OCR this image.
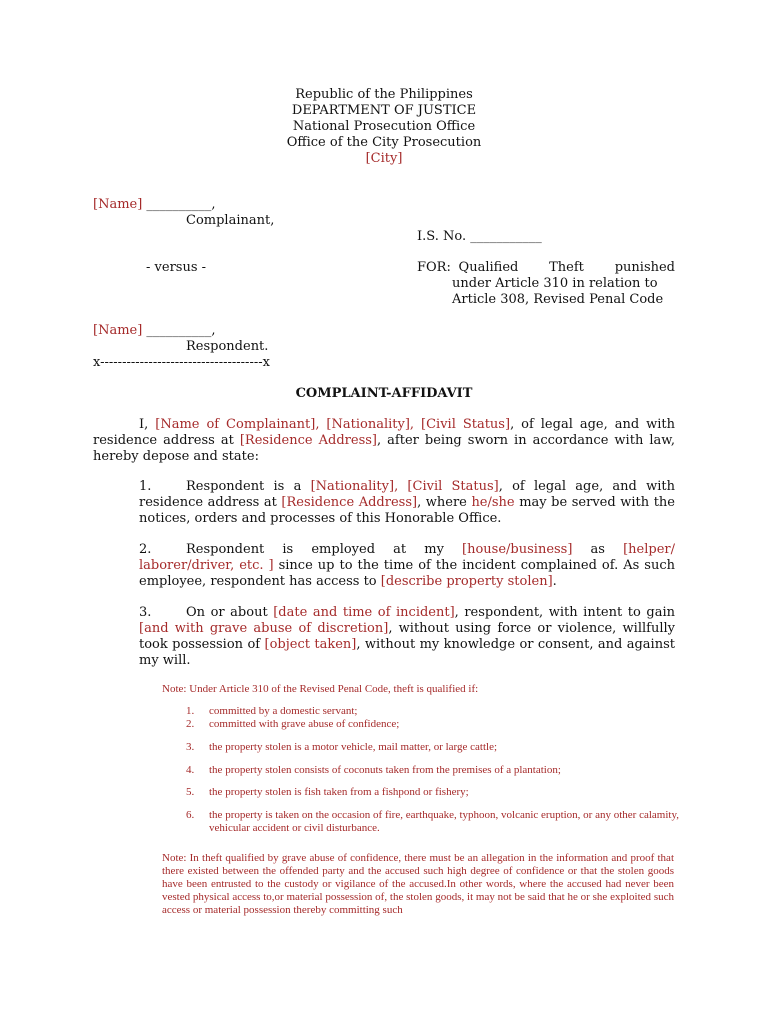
Republic of the Philippines
DEPARTMENT OF JUSTICE
National Prosecution Office
Office of the City Prosecution
[City]
[Name] __________,
Complainant,
I.S. No. ___________
- versus -	FOR: Qualified    Theft    punished
under Article 310 in relation to
Article 308, Revised Penal Code
[Name] __________,
Respondent.
x-------------------------------------x
COMPLAINT-AFFIDAVIT
I, [Name of Complainant], [Nationality], [Civil Status], of legal age, and with residence address at [Residence Address], after being sworn in accordance with law, hereby depose and state:
1.	Respondent is a [Nationality], [Civil Status], of legal age, and with residence address at [Residence Address], where he/she may be served with the notices, orders and processes of this Honorable Office.
2.	Respondent is employed at my [house/business] as [helper/ laborer/driver, etc. ] since up to the time of the incident complained of. As such employee, respondent has access to [describe property stolen].
3.	On or about [date and time of incident], respondent, with intent to gain [and with grave abuse of discretion], without using force or violence, willfully took possession of [object taken], without my knowledge or consent, and against my will.
Note: Under Article 310 of the Revised Penal Code, theft is qualified if:
1.	committed by a domestic servant;
2.	committed with grave abuse of confidence;
3.	the property stolen is a motor vehicle, mail matter, or large cattle;
4.	the property stolen consists of coconuts taken from the premises of a plantation;
5.	the property stolen is fish taken from a fishpond or fishery;
6.	the property is taken on the occasion of fire, earthquake, typhoon, volcanic eruption, or any other calamity, vehicular accident or civil disturbance.
Note: In theft qualified by grave abuse of confidence, there must be an allegation in the information and proof that there existed between the offended party and the accused such high degree of confidence or that the stolen goods have been entrusted to the custody or vigilance of the accused.In other words, where the accused had never been vested physical access to,or material possession of, the stolen goods, it may not be said that he or she exploited such access or material possession thereby committing such
